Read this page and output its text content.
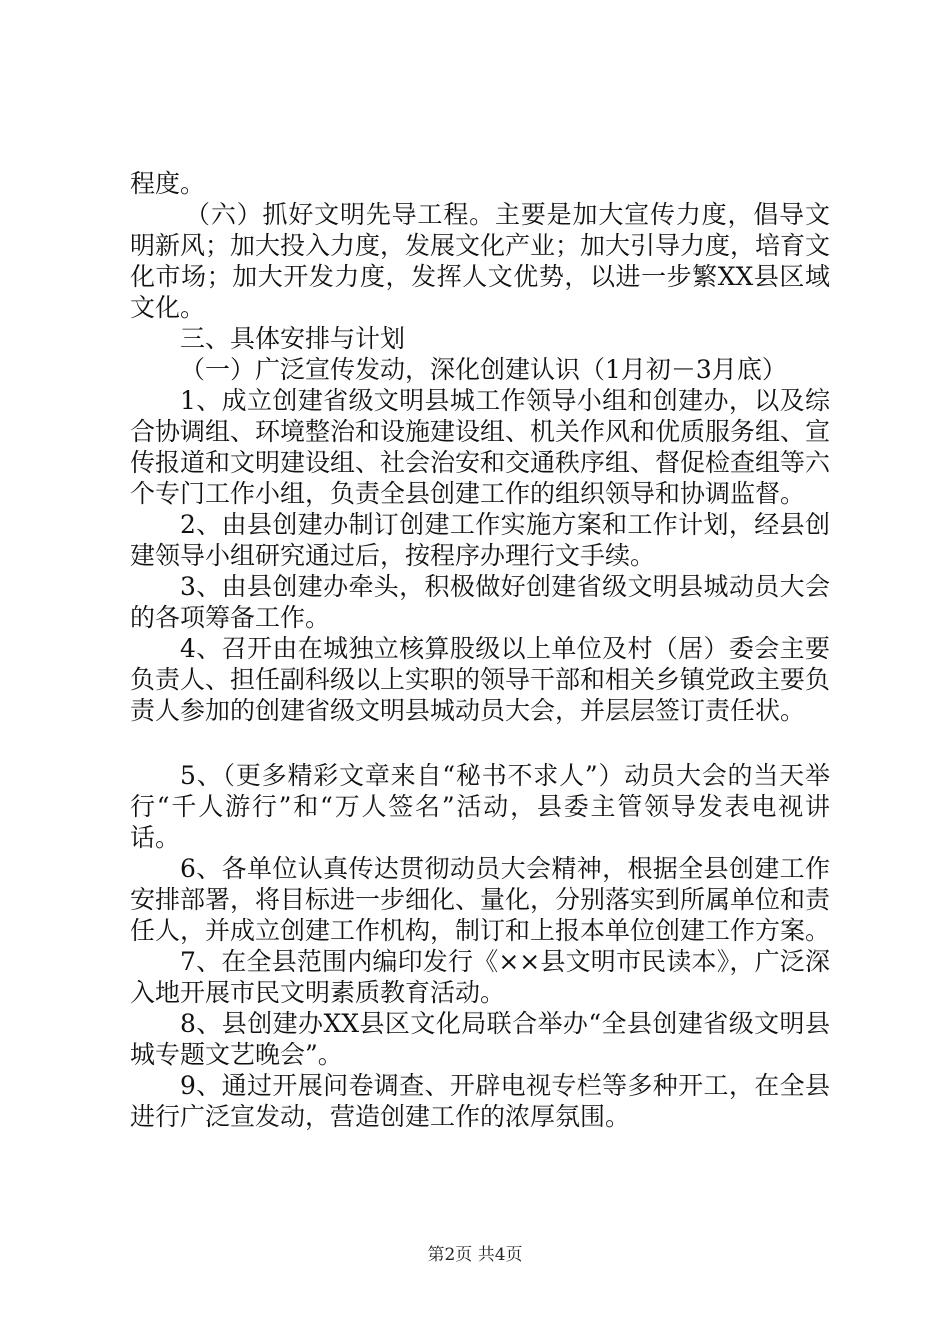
程度。

（六）抓好文明先导工程。主要是加大宣传力度，倡导文明新风；加大投入力度，发展文化产业；加大引导力度，培育文化市场；加大开发力度，发挥人文优势，以进一步繁XX县区域文化。

三、具体安排与计划

（一）广泛宣传发动，深化创建认识（1月初－3月底）

1、成立创建省级文明县城工作领导小组和创建办，以及综合协调组、环境整治和设施建设组、机关作风和优质服务组、宣传报道和文明建设组、社会治安和交通秩序组、督促检查组等六个专门工作小组，负责全县创建工作的组织领导和协调监督。

2、由县创建办制订创建工作实施方案和工作计划，经县创建领导小组研究通过后，按程序办理行文手续。

3、由县创建办牵头，积极做好创建省级文明县城动员大会的各项筹备工作。

4、召开由在城独立核算股级以上单位及村（居）委会主要负责人、担任副科级以上实职的领导干部和相关乡镇党政主要负责人参加的创建省级文明县城动员大会，并层层签订责任状。

5、（更多精彩文章来自“秘书不求人”）动员大会的当天举行“千人游行”和“万人签名”活动，县委主管领导发表电视讲话。

6、各单位认真传达贯彻动员大会精神，根据全县创建工作安排部署，将目标进一步细化、量化，分别落实到所属单位和责任人，并成立创建工作机构，制订和上报本单位创建工作方案。

7、在全县范围内编印发行《××县文明市民读本》，广泛深入地开展市民文明素质教育活动。

8、县创建办XX县区文化局联合举办“全县创建省级文明县城专题文艺晚会”。

9、通过开展问卷调查、开辟电视专栏等多种开工，在全县进行广泛宣发动，营造创建工作的浓厚氛围。

第2页 共4页
